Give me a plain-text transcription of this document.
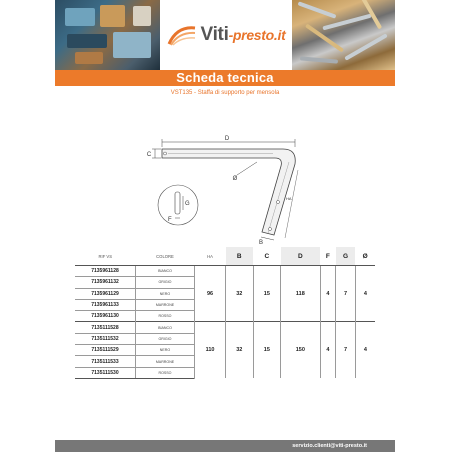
Viti-presto.it
Scheda tecnica
VST135 - Staffa di supporto per mensola
D
C
Ø
HA
B
G
F
RIF VS	COLORE	HA	B	C	D	F	G	Ø
7135961128	BIANCO	96	32	15	118	4	7	4
7135961132	GRIGIO							
7135961129	NERO							
7135961133	MARRONE							
7135961130	ROSSO							
7135111528	BIANCO	110	32	15	150	4	7	4
7135111532	GRIGIO							
7135111529	NERO							
7135111533	MARRONE							
7135111530	ROSSO							
servizio.clienti@viti-presto.it
